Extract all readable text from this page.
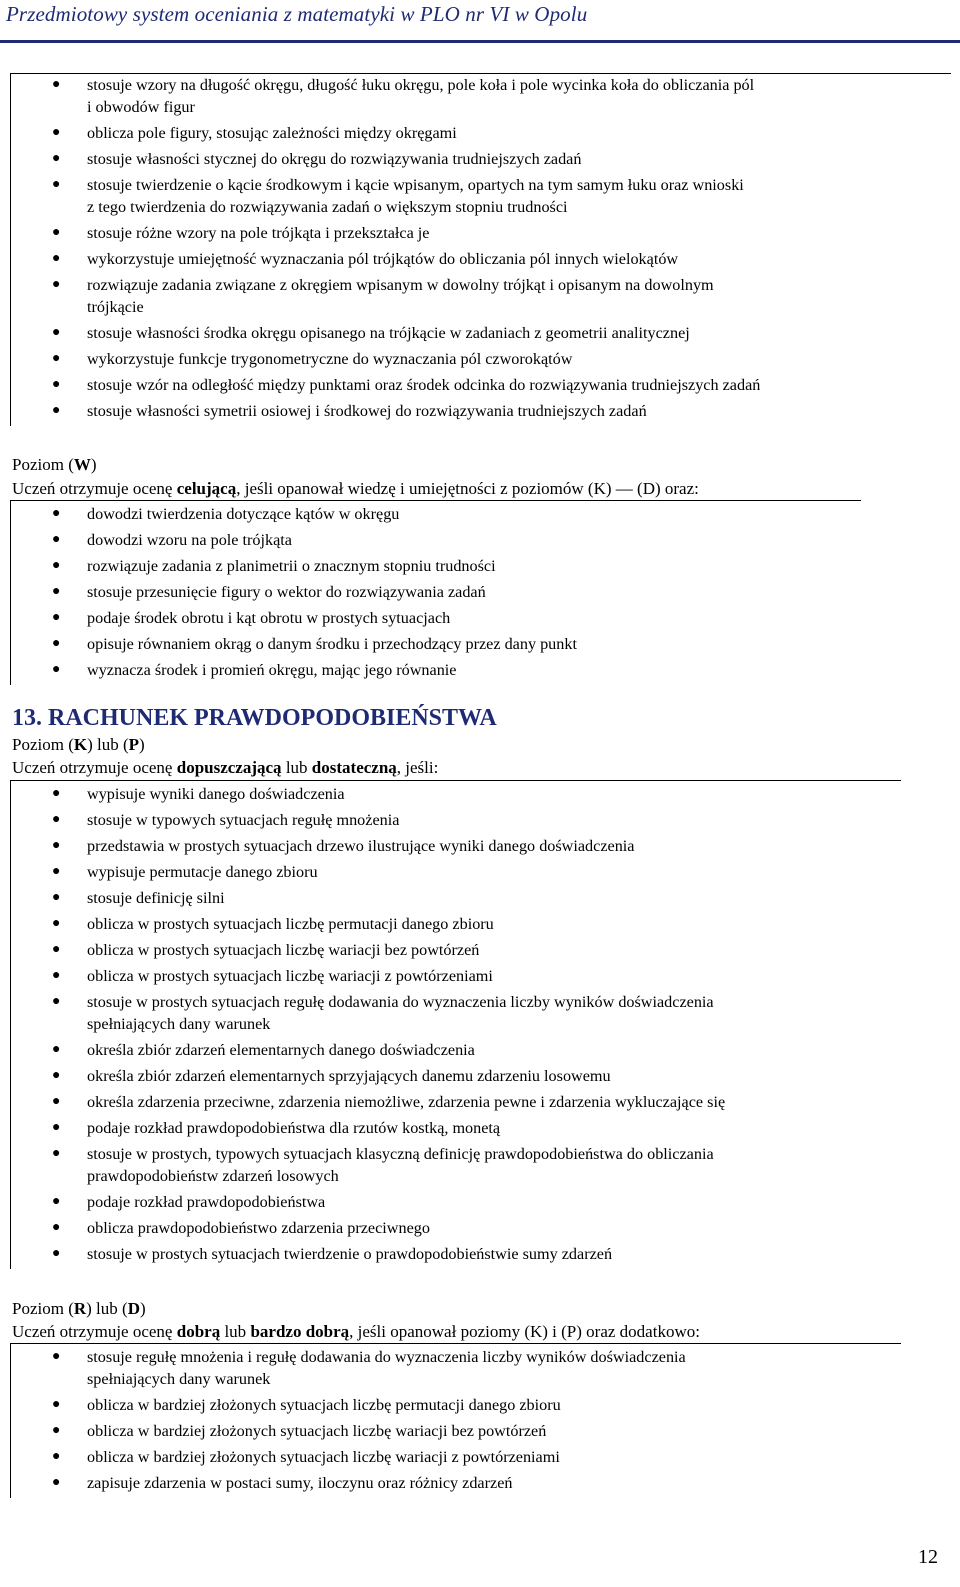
Przedmiotowy system oceniania z matematyki w PLO nr VI w Opolu
● stosuje wzory na długość okręgu, długość łuku okręgu, pole koła i pole wycinka koła do obliczania pól
i obwodów figur
● oblicza pole figury, stosując zależności między okręgami
● stosuje własności stycznej do okręgu do rozwiązywania trudniejszych zadań
● stosuje twierdzenie o kącie środkowym i kącie wpisanym, opartych na tym samym łuku oraz wnioski
z tego twierdzenia do rozwiązywania zadań o większym stopniu trudności
● stosuje różne wzory na pole trójkąta i przekształca je
● wykorzystuje umiejętność wyznaczania pól trójkątów do obliczania pól innych wielokątów
● rozwiązuje zadania związane z okręgiem wpisanym w dowolny trójkąt i opisanym na dowolnym
trójkącie
● stosuje własności środka okręgu opisanego na trójkącie w zadaniach z geometrii analitycznej
● wykorzystuje funkcje trygonometryczne do wyznaczania pól czworokątów
● stosuje wzór na odległość między punktami oraz środek odcinka do rozwiązywania trudniejszych zadań
● stosuje własności symetrii osiowej i środkowej do rozwiązywania trudniejszych zadań
Poziom (W)
Uczeń otrzymuje ocenę celującą, jeśli opanował wiedzę i umiejętności z poziomów (K) — (D) oraz:
● dowodzi twierdzenia dotyczące kątów w okręgu
● dowodzi wzoru na pole trójkąta
● rozwiązuje zadania z planimetrii o znacznym stopniu trudności
● stosuje przesunięcie figury o wektor do rozwiązywania zadań
● podaje środek obrotu i kąt obrotu w prostych sytuacjach
● opisuje równaniem okrąg o danym środku i przechodzący przez dany punkt
● wyznacza środek i promień okręgu, mając jego równanie
13. RACHUNEK PRAWDOPODOBIEŃSTWA
Poziom (K) lub (P)
Uczeń otrzymuje ocenę dopuszczającą lub dostateczną, jeśli:
● wypisuje wyniki danego doświadczenia
● stosuje w typowych sytuacjach regułę mnożenia
● przedstawia w prostych sytuacjach drzewo ilustrujące wyniki danego doświadczenia
● wypisuje permutacje danego zbioru
● stosuje definicję silni
● oblicza w prostych sytuacjach liczbę permutacji danego zbioru
● oblicza w prostych sytuacjach liczbę wariacji bez powtórzeń
● oblicza w prostych sytuacjach liczbę wariacji z powtórzeniami
● stosuje w prostych sytuacjach regułę dodawania do wyznaczenia liczby wyników doświadczenia
spełniających dany warunek
● określa zbiór zdarzeń elementarnych danego doświadczenia
● określa zbiór zdarzeń elementarnych sprzyjających danemu zdarzeniu losowemu
● określa zdarzenia przeciwne, zdarzenia niemożliwe, zdarzenia pewne i zdarzenia wykluczające się
● podaje rozkład prawdopodobieństwa dla rzutów kostką, monetą
● stosuje w prostych, typowych sytuacjach klasyczną definicję prawdopodobieństwa do obliczania
prawdopodobieństw zdarzeń losowych
● podaje rozkład prawdopodobieństwa
● oblicza prawdopodobieństwo zdarzenia przeciwnego
● stosuje w prostych sytuacjach twierdzenie o prawdopodobieństwie sumy zdarzeń
Poziom (R) lub (D)
Uczeń otrzymuje ocenę dobrą lub bardzo dobrą, jeśli opanował poziomy (K) i (P) oraz dodatkowo:
● stosuje regułę mnożenia i regułę dodawania do wyznaczenia liczby wyników doświadczenia
spełniających dany warunek
● oblicza w bardziej złożonych sytuacjach liczbę permutacji danego zbioru
● oblicza w bardziej złożonych sytuacjach liczbę wariacji bez powtórzeń
● oblicza w bardziej złożonych sytuacjach liczbę wariacji z powtórzeniami
● zapisuje zdarzenia w postaci sumy, iloczynu oraz różnicy zdarzeń
12
